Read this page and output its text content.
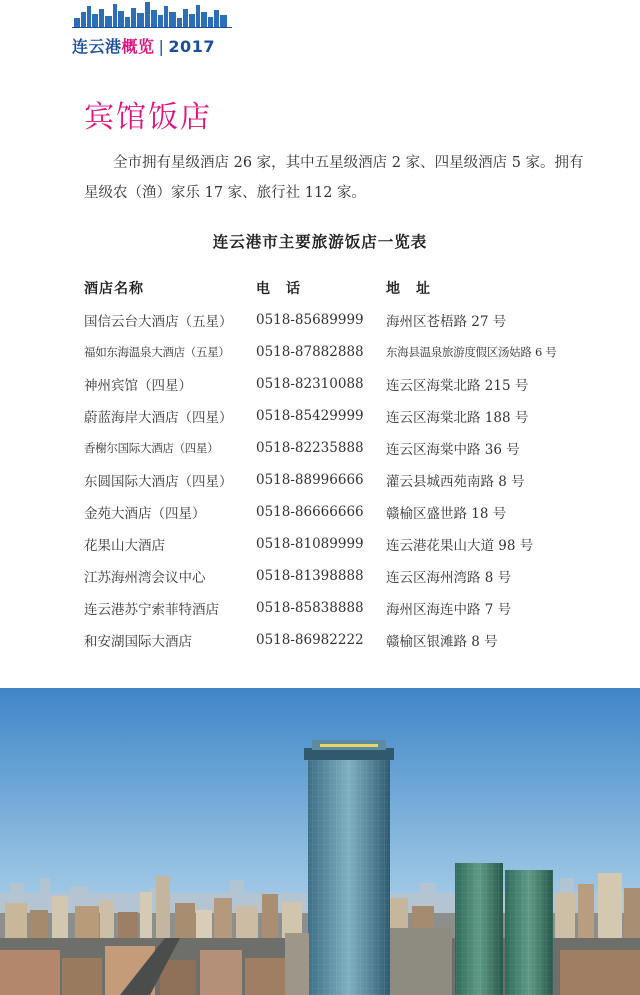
连云港概览 | 2017
宾馆饭店

全市拥有星级酒店 26 家，其中五星级酒店 2 家、四星级酒店 5 家。拥有星级农（渔）家乐 17 家、旅行社 112 家。

连云港市主要旅游饭店一览表
酒店名称	电　话	地　址
国信云台大酒店（五星）	0518-85689999	海州区苍梧路 27 号
福如东海温泉大酒店（五星）	0518-87882888	东海县温泉旅游度假区汤姑路 6 号
神州宾馆（四星）	0518-82310088	连云区海棠北路 215 号
蔚蓝海岸大酒店（四星）	0518-85429999	连云区海棠北路 188 号
香榭尔国际大酒店（四星）	0518-82235888	连云区海棠中路 36 号
东圆国际大酒店（四星）	0518-88996666	灌云县城西苑南路 8 号
金苑大酒店（四星）	0518-86666666	赣榆区盛世路 18 号
花果山大酒店	0518-81089999	连云港花果山大道 98 号
江苏海州湾会议中心	0518-81398888	连云区海州湾路 8 号
连云港苏宁索菲特酒店	0518-85838888	海州区海连中路 7 号
和安湖国际大酒店	0518-86982222	赣榆区银滩路 8 号
